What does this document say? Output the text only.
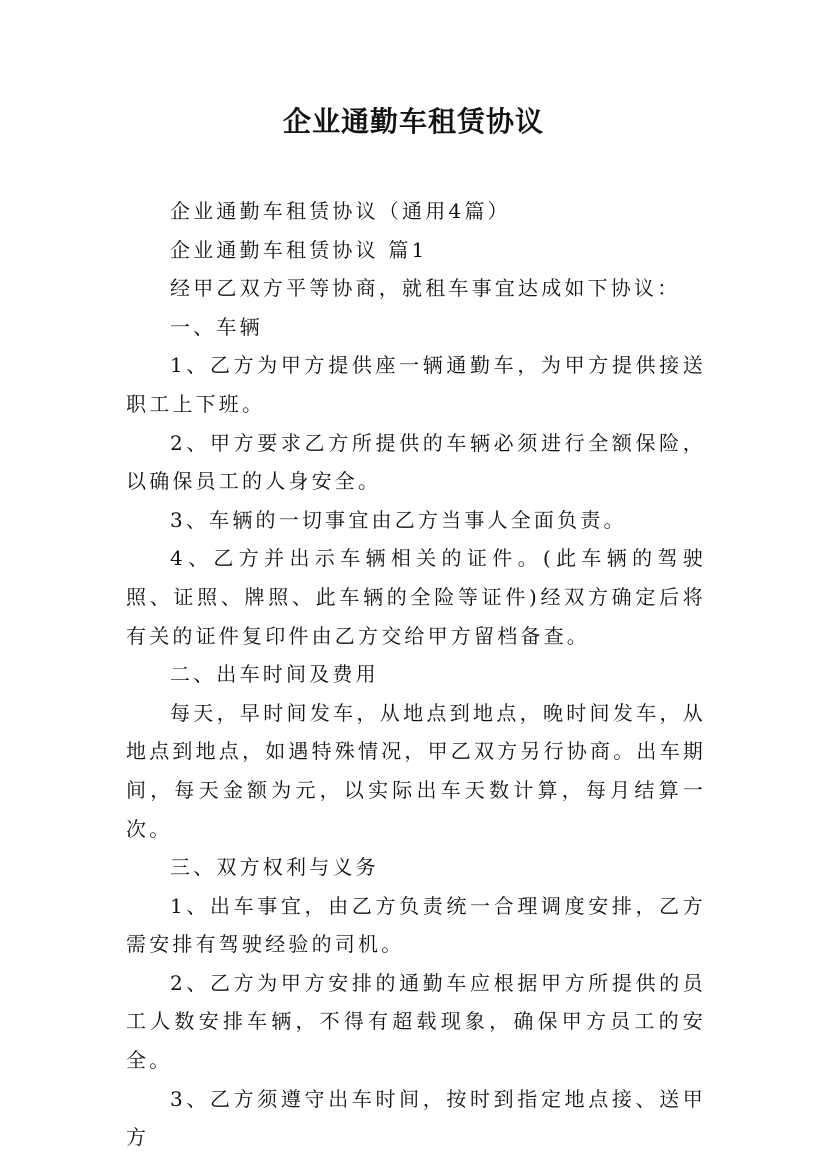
企业通勤车租赁协议

企业通勤车租赁协议（通用4篇）

企业通勤车租赁协议 篇1

经甲乙双方平等协商，就租车事宜达成如下协议：

一、车辆

1、乙方为甲方提供座一辆通勤车，为甲方提供接送职工上下班。

2、甲方要求乙方所提供的车辆必须进行全额保险，以确保员工的人身安全。

3、车辆的一切事宜由乙方当事人全面负责。

4、乙方并出示车辆相关的证件。(此车辆的驾驶照、证照、牌照、此车辆的全险等证件)经双方确定后将有关的证件复印件由乙方交给甲方留档备查。

二、出车时间及费用

每天，早时间发车，从地点到地点，晚时间发车，从地点到地点，如遇特殊情况，甲乙双方另行协商。出车期间，每天金额为元，以实际出车天数计算，每月结算一次。

三、双方权利与义务

1、出车事宜，由乙方负责统一合理调度安排，乙方需安排有驾驶经验的司机。

2、乙方为甲方安排的通勤车应根据甲方所提供的员工人数安排车辆，不得有超载现象，确保甲方员工的安全。

3、乙方须遵守出车时间，按时到指定地点接、送甲方
